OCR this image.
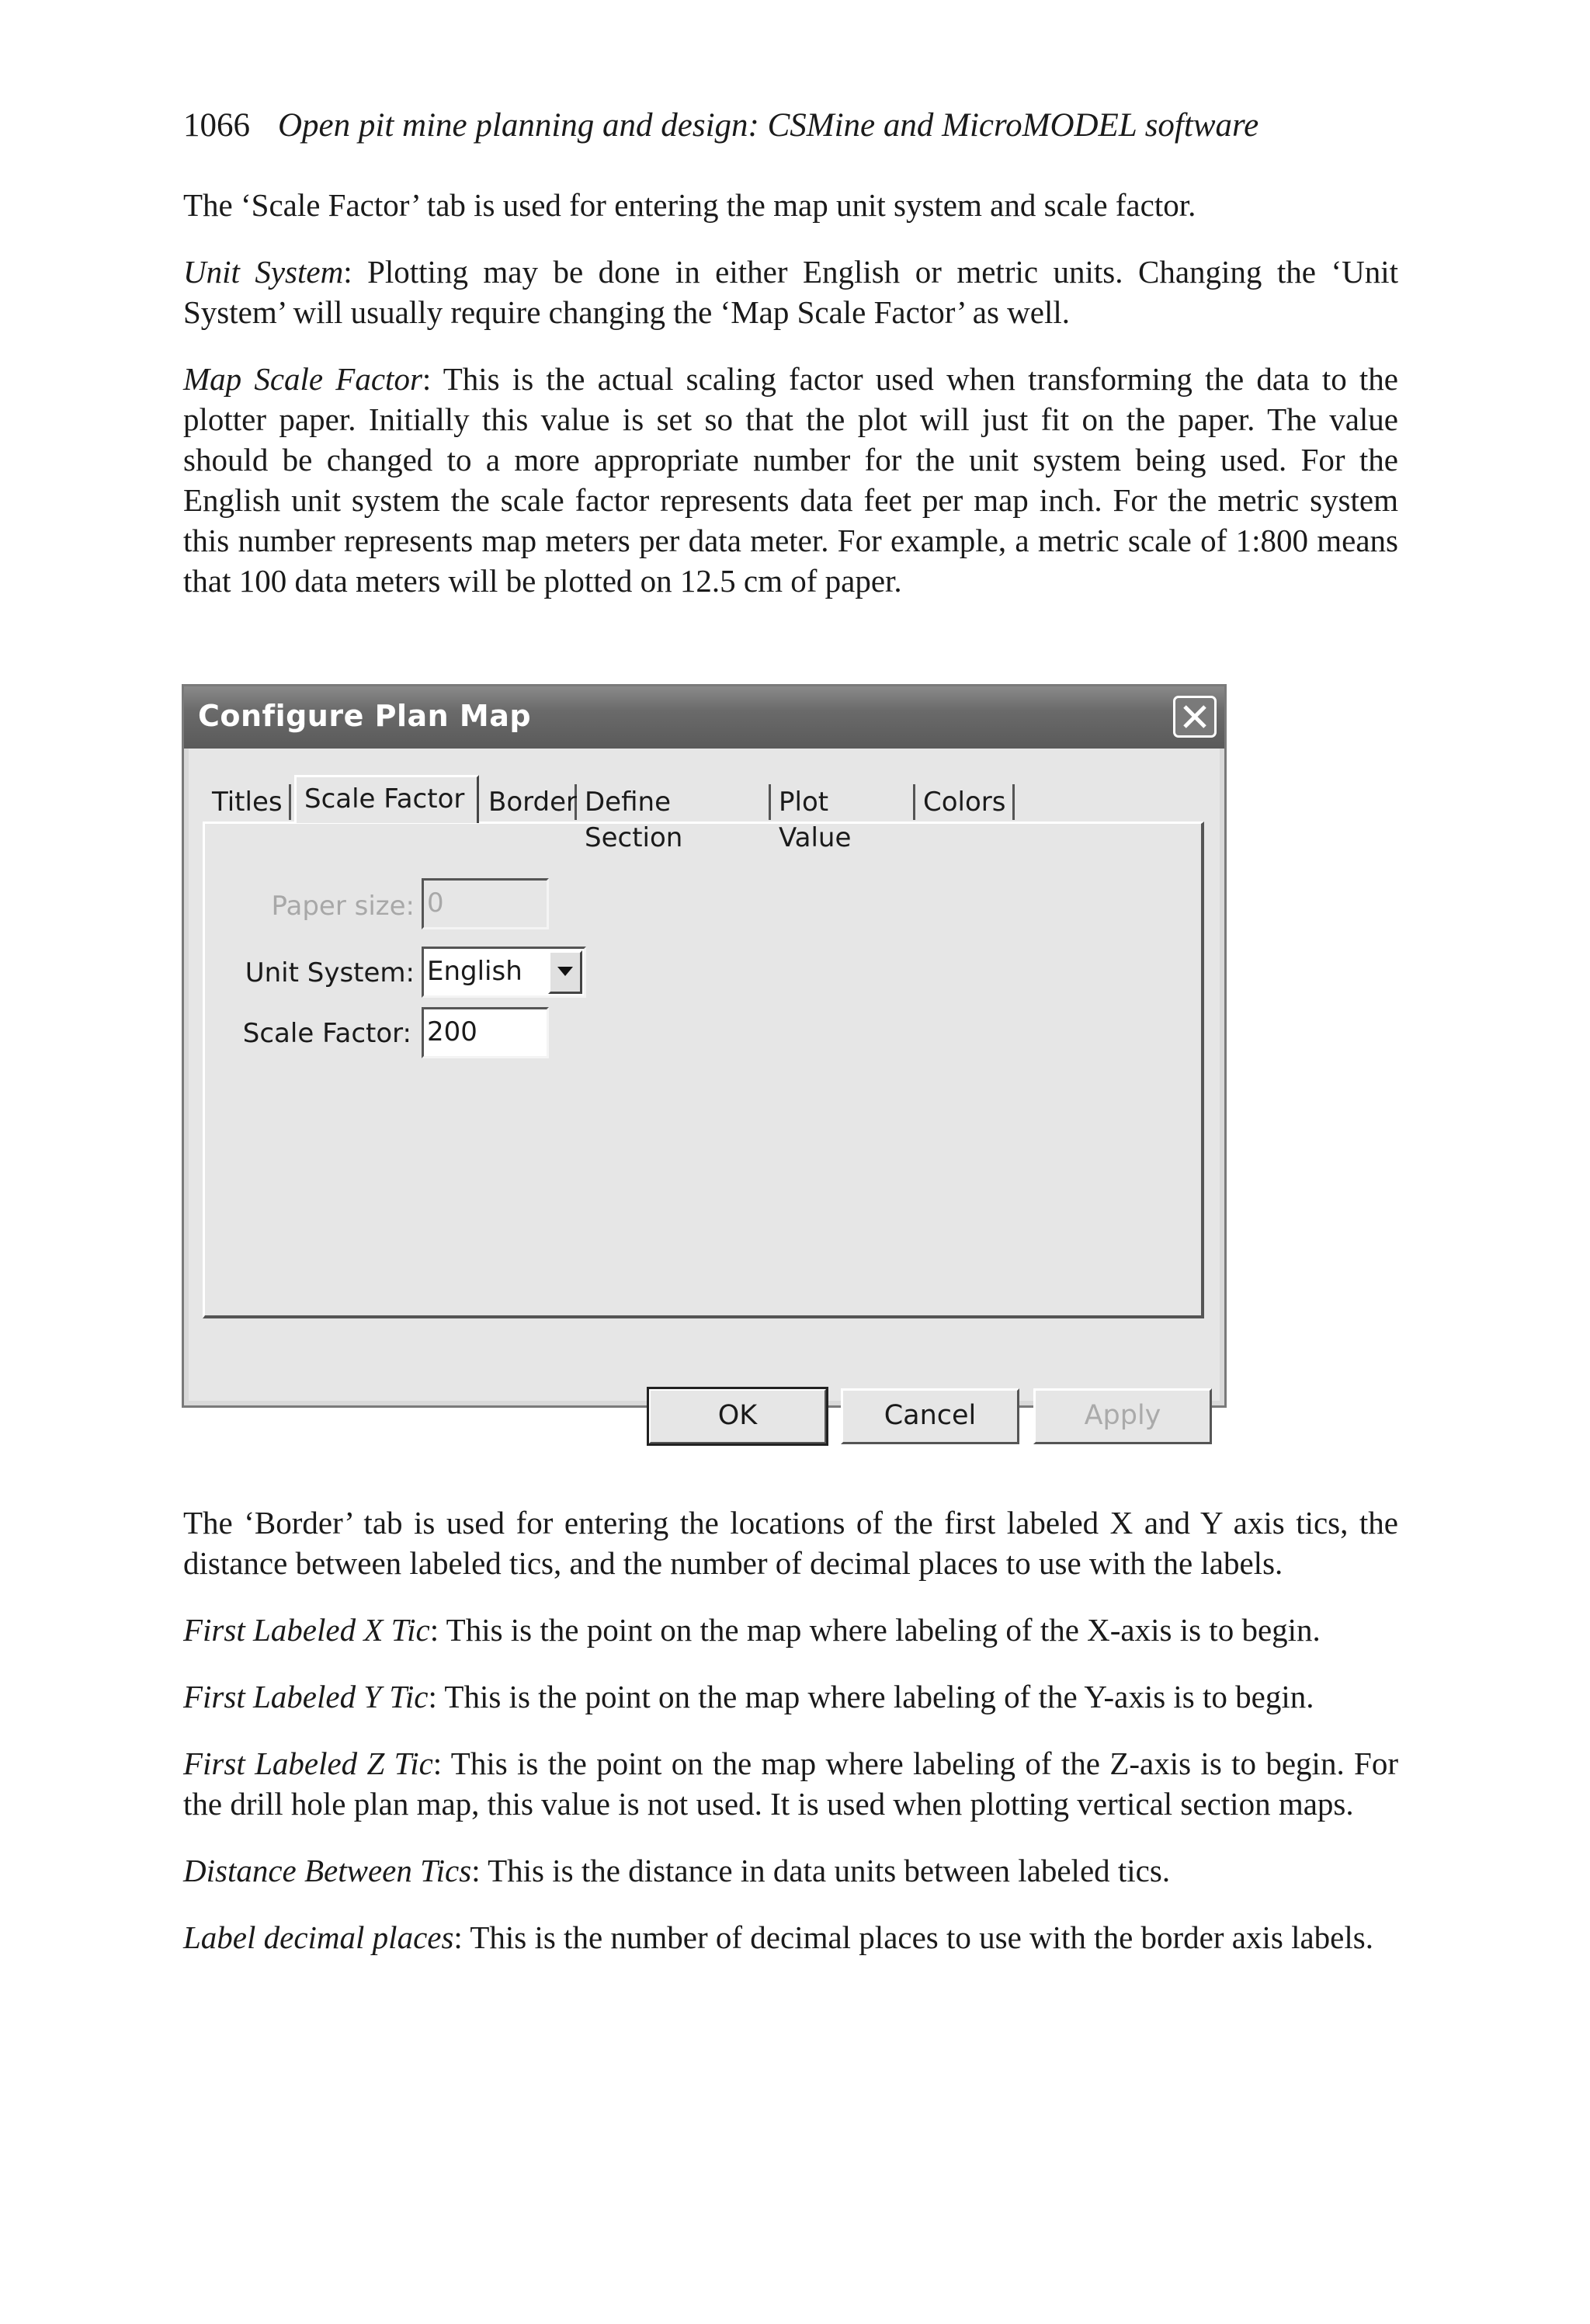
1066 Open pit mine planning and design: CSMine and MicroMODEL software

The ‘Scale Factor’ tab is used for entering the map unit system and scale factor.

Unit System: Plotting may be done in either English or metric units. Changing the ‘Unit System’ will usually require changing the ‘Map Scale Factor’ as well.

Map Scale Factor: This is the actual scaling factor used when transforming the data to the plotter paper. Initially this value is set so that the plot will just fit on the paper. The value should be changed to a more appropriate number for the unit system being used. For the English unit system the scale factor represents data feet per map inch. For the metric system this number represents map meters per data meter. For example, a metric scale of 1:800 means that 100 data meters will be plotted on 12.5 cm of paper.

Configure Plan Map
Titles Scale Factor Border Define Section
Plot Value
Colors
Paper size: 0
Unit System: English
Scale Factor: 200
OK	Cancel	Apply

The ‘Border’ tab is used for entering the locations of the first labeled X and Y axis tics, the distance between labeled tics, and the number of decimal places to use with the labels.

First Labeled X Tic: This is the point on the map where labeling of the X-axis is to begin.

First Labeled Y Tic: This is the point on the map where labeling of the Y-axis is to begin.

First Labeled Z Tic: This is the point on the map where labeling of the Z-axis is to begin. For the drill hole plan map, this value is not used. It is used when plotting vertical section maps.

Distance Between Tics: This is the distance in data units between labeled tics.

Label decimal places: This is the number of decimal places to use with the border axis labels.
